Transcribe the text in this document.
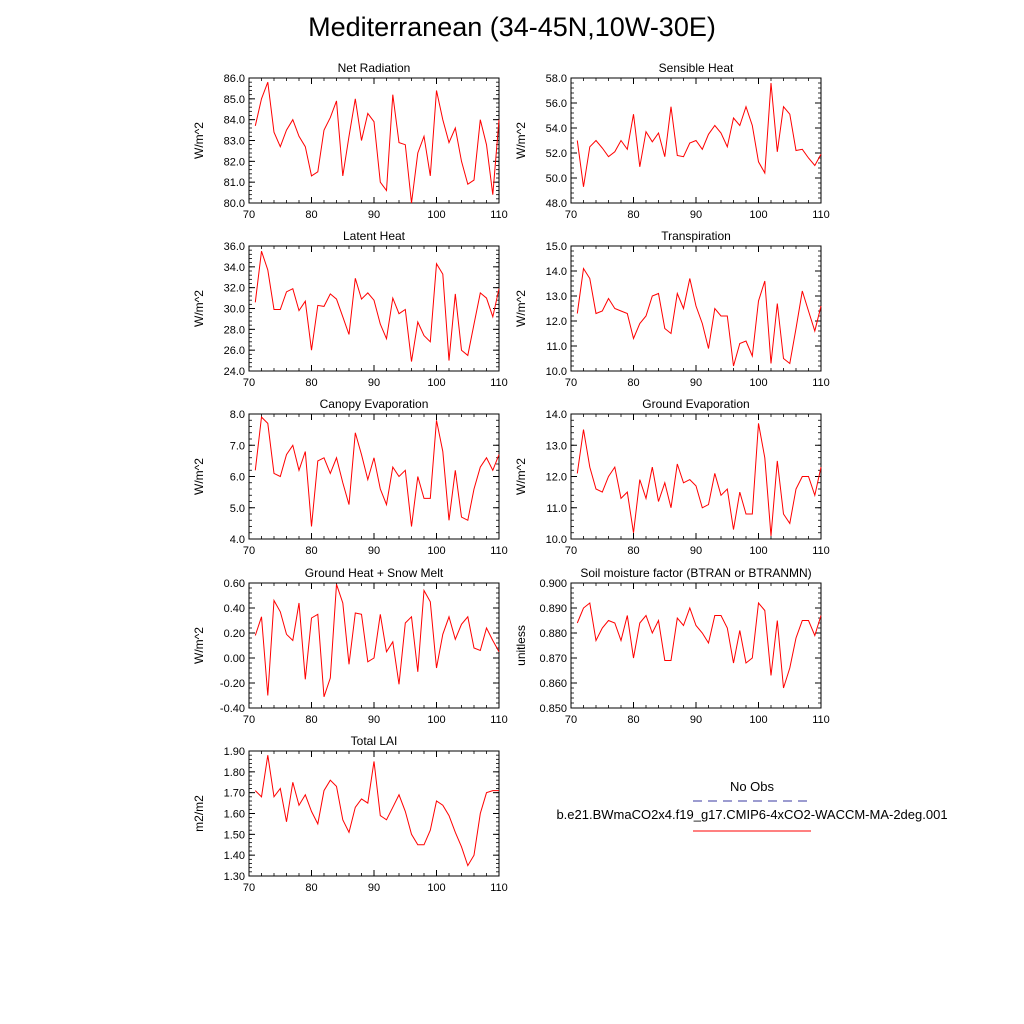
Mediterranean (34-45N,10W-30E)
70	80	90	100	110
80.0
81.0
82.0
83.0
84.0
85.0
86.0
Net Radiation
W/m^2
70	80	90	100	110
48.0
50.0
52.0
54.0
56.0
58.0
Sensible Heat
W/m^2
70	80	90	100	110
24.0
26.0
28.0
30.0
32.0
34.0
36.0
Latent Heat
W/m^2
70	80	90	100	110
10.0
11.0
12.0
13.0
14.0
15.0
Transpiration
W/m^2
70	80	90	100	110
4.0
5.0
6.0
7.0
8.0
Canopy Evaporation
W/m^2
70	80	90	100	110
10.0
11.0
12.0
13.0
14.0
Ground Evaporation
W/m^2
70	80	90	100	110
-0.40
-0.20
0.00
0.20
0.40
0.60
Ground Heat + Snow Melt
W/m^2
70	80	90	100	110
0.850
0.860
0.870
0.880
0.890
0.900
Soil moisture factor (BTRAN or BTRANMN)
unitless
70	80	90	100	110
1.30
1.40
1.50
1.60
1.70
1.80
1.90
Total LAI
m2/m2
No Obs
b.e21.BWmaCO2x4.f19_g17.CMIP6-4xCO2-WACCM-MA-2deg.001
